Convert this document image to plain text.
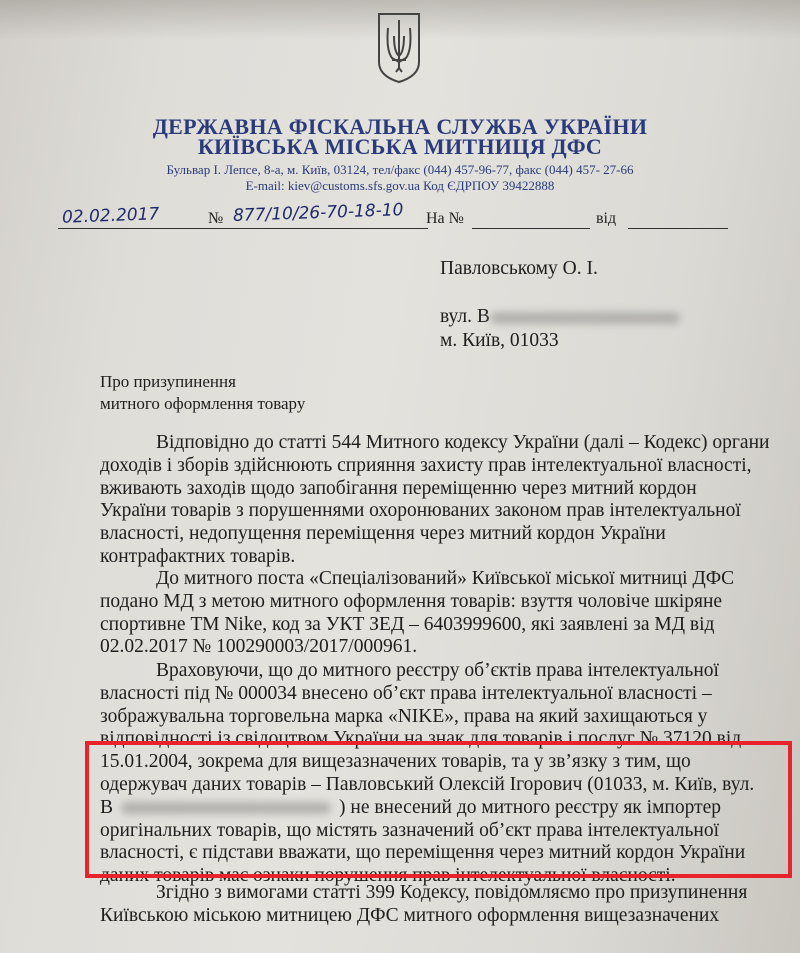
ДЕРЖАВНА ФІСКАЛЬНА СЛУЖБА УКРАЇНИ
КИЇВСЬКА МІСЬКА МИТНИЦЯ ДФС
Бульвар І. Лепсе, 8-а, м. Київ, 03124, тел/факс (044) 457-96-77, факс (044) 457- 27-66
E-mail: kiev@customs.sfs.gov.ua Код ЄДРПОУ 39422888
02.02.2017	№ 877/10/26-70-18-10	На №	від
Павловському О. І.
вул. В
м. Київ, 01033
Про призупинення
митного оформлення товару
Відповідно до статті 544 Митного кодексу України (далі – Кодекс) органи
доходів і зборів здійснюють сприяння захисту прав інтелектуальної власності,
вживають заходів щодо запобігання переміщенню через митний кордон
України товарів з порушеннями охоронюваних законом прав інтелектуальної
власності, недопущення переміщення через митний кордон України
контрафактних товарів.
До митного поста «Спеціалізований» Київської міської митниці ДФС
подано МД з метою митного оформлення товарів: взуття чоловіче шкіряне
спортивне ТМ Nike, код за УКТ ЗЕД – 6403999600, які заявлені за МД від
02.02.2017 № 100290003/2017/000961.
Враховуючи, що до митного реєстру об’єктів права інтелектуальної
власності під № 000034 внесено об’єкт права інтелектуальної власності –
зображувальна торговельна марка «NIKE», права на який захищаються у
відповідності із свідоцтвом України на знак для товарів і послуг № 37120 від
15.01.2004, зокрема для вищезазначених товарів, та у зв’язку з тим, що
одержувач даних товарів – Павловський Олексій Ігорович (01033, м. Київ, вул.
В	) не внесений до митного реєстру як імпортер
оригінальних товарів, що містять зазначений об’єкт права інтелектуальної
власності, є підстави вважати, що переміщення через митний кордон України
даних товарів має ознаки порушення прав інтелектуальної власності.
Згідно з вимогами статті 399 Кодексу, повідомляємо про призупинення
Київською міською митницею ДФС митного оформлення вищезазначених
